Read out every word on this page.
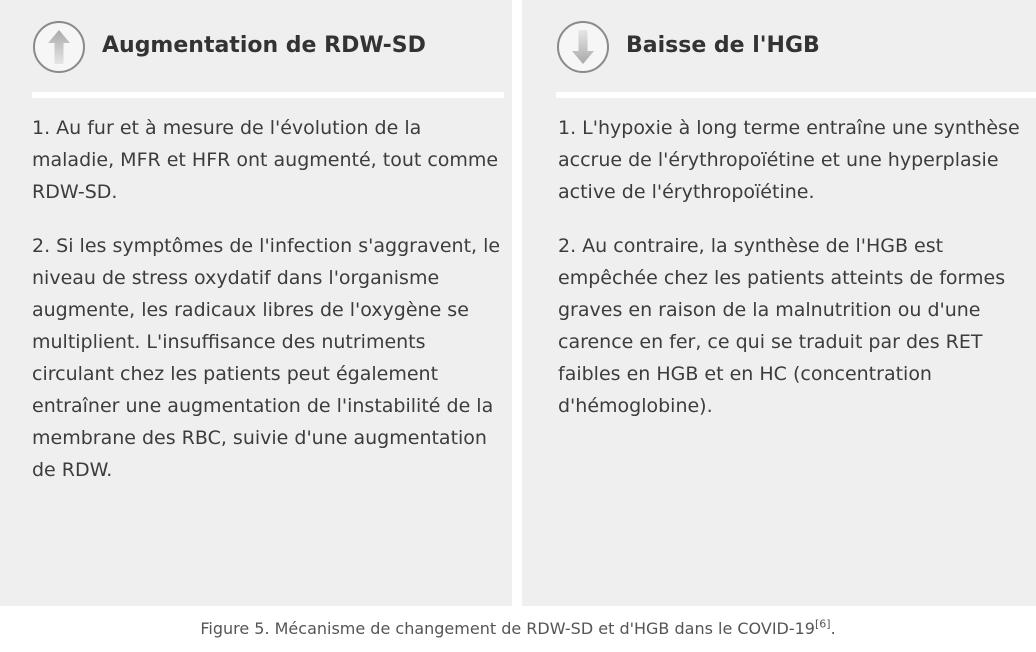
Augmentation de RDW-SD

1. Au fur et à mesure de l'évolution de la maladie, MFR et HFR ont augmenté, tout comme RDW-SD.

2. Si les symptômes de l'infection s'aggravent, le niveau de stress oxydatif dans l'organisme augmente, les radicaux libres de l'oxygène se multiplient. L'insuffisance des nutriments circulant chez les patients peut également entraîner une augmentation de l'instabilité de la membrane des RBC, suivie d'une augmentation de RDW.

Baisse de l'HGB

1. L'hypoxie à long terme entraîne une synthèse accrue de l'érythropoïétine et une hyperplasie active de l'érythropoïétine.

2. Au contraire, la synthèse de l'HGB est empêchée chez les patients atteints de formes graves en raison de la malnutrition ou d'une carence en fer, ce qui se traduit par des RET faibles en HGB et en HC (concentration d'hémoglobine).

Figure 5. Mécanisme de changement de RDW-SD et d'HGB dans le COVID-19[6].
